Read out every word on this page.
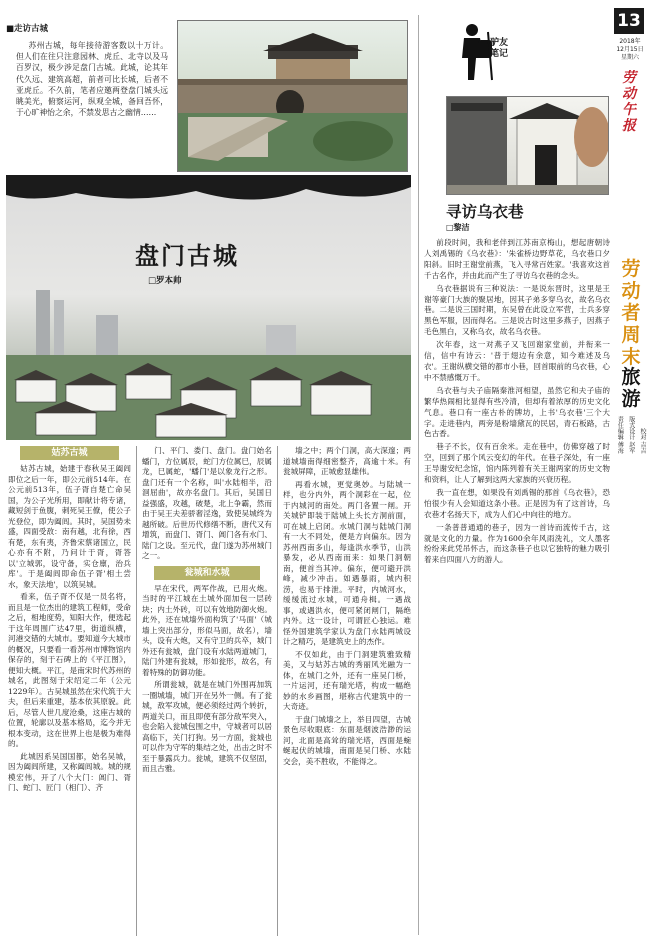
■走访古城
苏州古城，每年接待游客数以十万计。但人们在往只注意园林、虎丘、北寺以及马百罗汉，极少涉足盘门古城。此城，论其年代久远、建筑高超，前者可比长城，后者不亚虎丘。不久前，笔者应邀两登盘门城头远眺美光，俯察运河，纵观全城，备回吾怀，于心旷神怡之余，不禁发思古之幽情……
盘门古城
□罗本帅
姑苏古城

姑苏古城，始建于春秋吴王阖闾即位之后一年，即公元前514年。在公元前513年，伍子胥自楚亡命吴国，为公子光所用，即献计将专诸，藏短剑于鱼腹，刺死吴王僚，使公子光登位，即为阖闾。其时，吴国势未盛，四面受敌：南有越，北有徐，西有楚，东有夷，齐鲁宋蔡诸国立，民心亦有不附，乃问计于胥，胥答以'立城郭，设守备，实仓廪，治兵库'。于是阖闾即命伍子胥'相土尝水，象天法地'，以筑吴城。

看来，伍子胥不仅是一员名将，而且是一位杰出的建筑工程师，受命之后，相地度势，知阳大作，便选起于这年周围广达47里，街道纵横，河港交错的大城市。要知道今大城市的概况，只要看一看苏州市博物馆内保存的，刻于石碑上的《平江图》，便知大概。平江，是南宋时代苏州的城名，此图刻于宋绍定二年（公元1229年）。古吴城虽然在宋代筑于大夫，但后来重建，基本依其原貌。此后，尽管人世几度沧桑，这座古城的位置，轮廓以及基本格局，迄今并无根本变动，这在世界上也是极为难得的。

此城因系吴国国都，始名吴城，因为阖闾所建，又称阖闾城。城的规模宏伟，开了八个大门：阊门、胥门、蛇门、匠门（相门）、齐

门、平门、娄门、盘门。盘门始名蟠门，方位属辰，蛇门方位属巳，辰属龙，巳属蛇，'蟠门'是以象龙行之形。盘门还有一个名称，叫'水陆相半，沿洄屈曲'，故亦名盘门。其后，吴国日益强盛，攻越，破楚，北上争霸，然而由于吴王夫差骄奢淫逸，致使吴城终为越所破。后世历代修缮不断，唐代又有增筑，而盘门、胥门、阊门各有水门、陆门之设。至元代，盘门遂为苏州城门之一。

瓮城和水城

早在宋代，两军作战，已用火炮。当时的平江城在土城外面加包一层砖块；内土外砖，可以有效地防御火炮。此外，还在城墙外面构筑了'马面'（城墙上突出部分，形似马面，故名），墙头，设有大炮，又有守卫的兵卒，城门外还有瓮城，盘门设有水陆两道城门，陆门外建有瓮城，形如瓮形，故名，有着特殊的防御功能。

所谓瓮城，就是在城门外围再加筑一圈城墙，城门开在另外一侧。有了瓮城，敌军攻城，便必须经过两个转折，两道关口，而且即使有部分敌军突入，也会陷入瓮城包围之中，守城者可以居高临下，关门打狗。另一方面，瓮城也可以作为守军的集结之处，出击之时不至于暴露兵力。瓮城，建筑不仅坚固，而且古雅。

墙之中；两个门洞，高大深邃；两道城墙南得细密整齐，高逾十米。有瓮城屏障，正城愈显雄伟。

再看水城，更觉奥妙。与陆城一样，也分内外，两个洞彩在一起，位于内城河的南处。两门各置一闸。开关城铲即装于陆城上头长方洞前面，可在城上启闭。水城门洞与陆城门洞有一大不同处，便是方向偏东。因为苏州西南多山，每逢洪水季节，山洪暴发，必从西南而来：如果门洞朝南，便首当其冲。偏东，便可避开洪峰，减少冲击。如遇暴雨，城内积涝，也易于排泄。平时，内城河水，缓缓流过水城，可通舟楫。一遇战事，或遇洪水，便可紧闭闸门，隔绝内外。这一设计，可谓匠心独运。难怪外国建筑学家认为盘门水陆两城设计之精巧，是建筑史上的杰作。

不仅如此，由于门洞建筑雅致精美，又与姑苏古城的秀丽风光融为一体，在城门之外，还有一座吴门桥，一片运河，还有瑞光塔，构成一幅绝妙的水乡画图，堪称古代建筑中的一大奇迹。

于盘门城墙之上，举目四望，古城景色尽收眼底：东面是烟波浩渺的运河，北面是高耸的瑞光塔，西面是蜿蜒起伏的城墙，南面是吴门桥、水陆交会，美不胜收，不能得之。

驴友
笔记
寻访乌衣巷
□黎洁

前段时间，我和老伴到江苏南京梅山，想起唐朝诗人刘禹锡的《乌衣巷》：'朱雀桥边野草花，乌衣巷口夕阳斜。旧时王谢堂前燕，飞入寻常百姓家。'我喜欢这首千古名作，并由此而产生了寻访乌衣巷的念头。

乌衣巷据说有三种说法：一是说东晋时，这里是王谢等豪门大族的聚居地，因其子弟多穿乌衣，故名乌衣巷。二是说三国时期，东吴曾在此设立军营，士兵多穿黑色军服，因而得名。三是说古时这里多燕子，因燕子毛色黑白，又称乌衣，故名乌衣巷。

次年春，这一对燕子又飞回谢家堂前，并衔来一信，信中有诗云：'普于翅边有余意，知今难述及乌衣'。王谢纵横交错的都市小巷，回首眼前的乌衣巷，心中不禁感慨万千。

乌衣巷与夫子庙隔秦淮河相望，虽然它和夫子庙的繁华热闹相比显得有些冷清，但却有着浓厚的历史文化气息。巷口有一座古朴的牌坊，上书'乌衣巷'三个大字。走进巷内，两旁是粉墙黛瓦的民居，青石板路，古色古香。

巷子不长，仅有百余米。走在巷中，仿佛穿越了时空，回到了那个风云变幻的年代。在巷子深处，有一座王导谢安纪念馆，馆内陈列着有关王谢两家的历史文物和资料，让人了解到这两大家族的兴衰历程。

我一直在想，如果没有刘禹锡的那首《乌衣巷》，恐怕很少有人会知道这条小巷。正是因为有了这首诗，乌衣巷才名扬天下，成为人们心中向往的地方。

一条普普通通的巷子，因为一首诗而流传千古，这就是文化的力量。作为1600余年风雨洗礼，文人墨客纷纷来此凭吊怀古，而这条巷子也以它独特的魅力吸引着来自四面八方的游人。

13
2018年
12月15日
星期六
劳动午报
劳动者周末
旅游
责任编辑 傅海 版式设计 赵军 校对 吉吉
